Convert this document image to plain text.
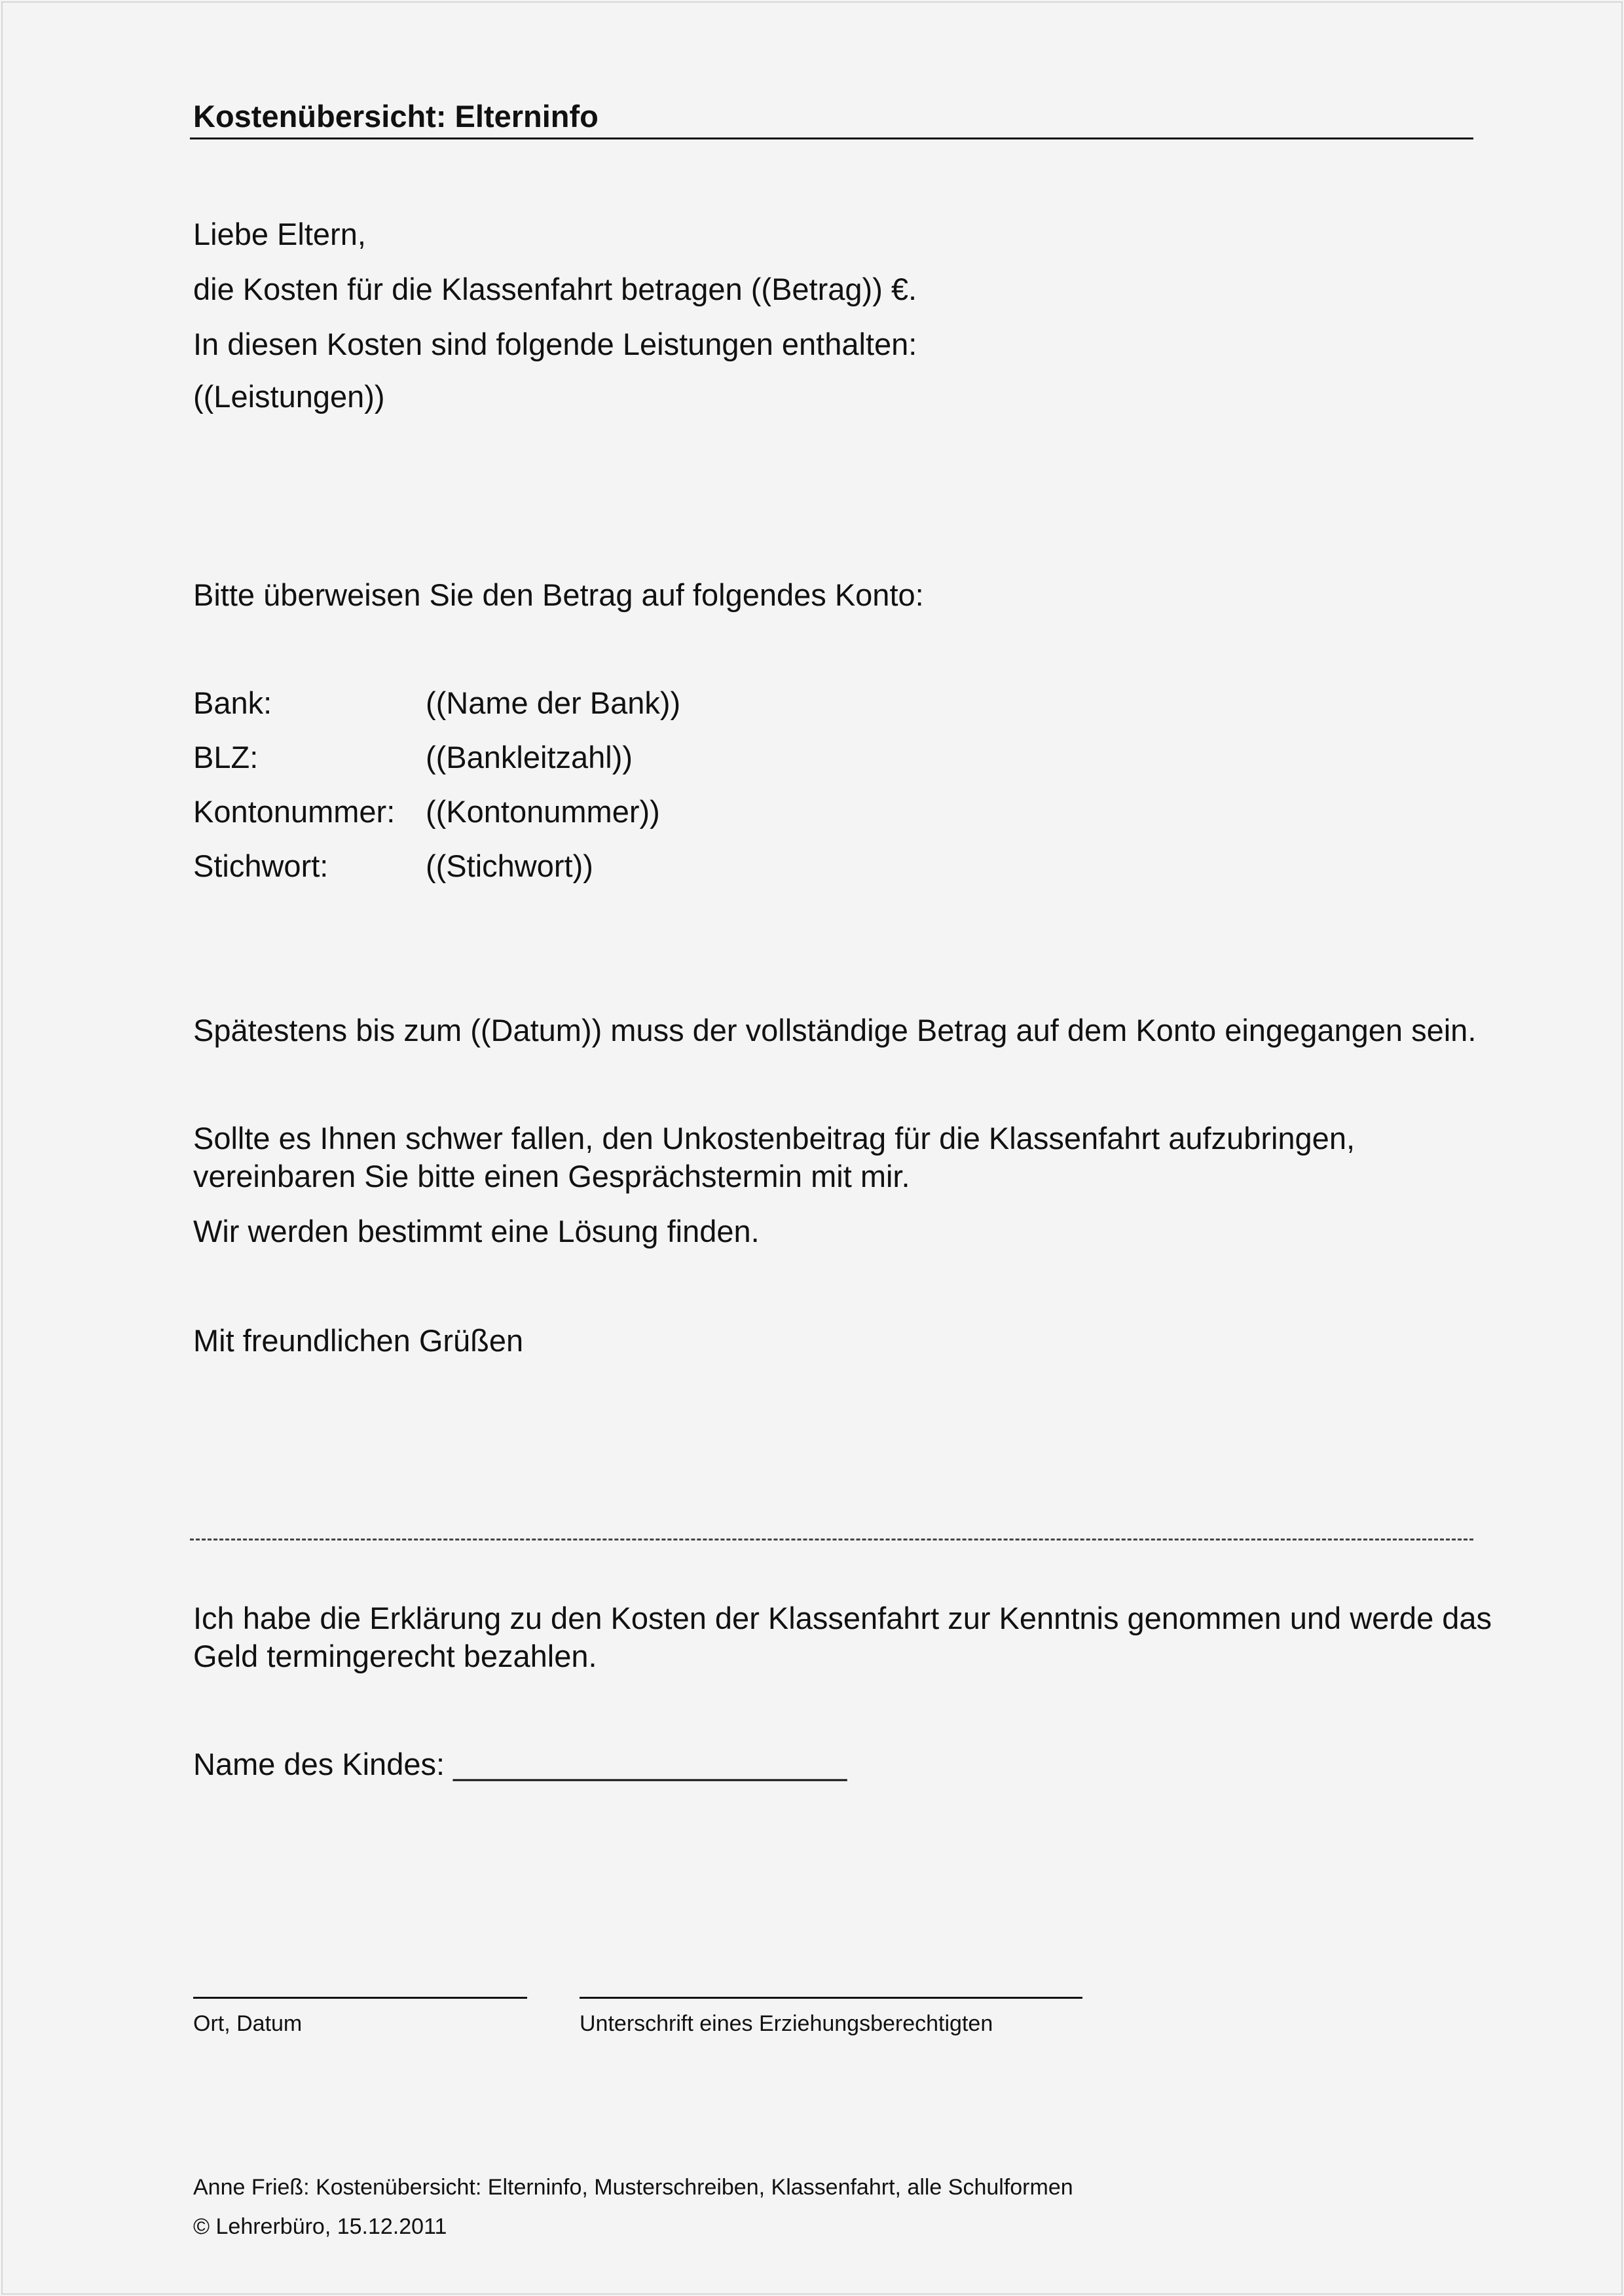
Kostenübersicht: Elterninfo
Liebe Eltern,
die Kosten für die Klassenfahrt betragen ((Betrag)) €.
In diesen Kosten sind folgende Leistungen enthalten:
((Leistungen))
Bitte überweisen Sie den Betrag auf folgendes Konto:
Bank:	((Name der Bank))
BLZ:	((Bankleitzahl))
Kontonummer: ((Kontonummer))
Stichwort:	((Stichwort))
Spätestens bis zum ((Datum)) muss der vollständige Betrag auf dem Konto eingegangen sein.
Sollte es Ihnen schwer fallen, den Unkostenbeitrag für die Klassenfahrt aufzubringen,
vereinbaren Sie bitte einen Gesprächstermin mit mir.
Wir werden bestimmt eine Lösung finden.
Mit freundlichen Grüßen
Ich habe die Erklärung zu den Kosten der Klassenfahrt zur Kenntnis genommen und werde das
Geld termingerecht bezahlen.
Name des Kindes: _______________________
Ort, Datum	Unterschrift eines Erziehungsberechtigten
Anne Frieß: Kostenübersicht: Elterninfo, Musterschreiben, Klassenfahrt, alle Schulformen
© Lehrerbüro, 15.12.2011
